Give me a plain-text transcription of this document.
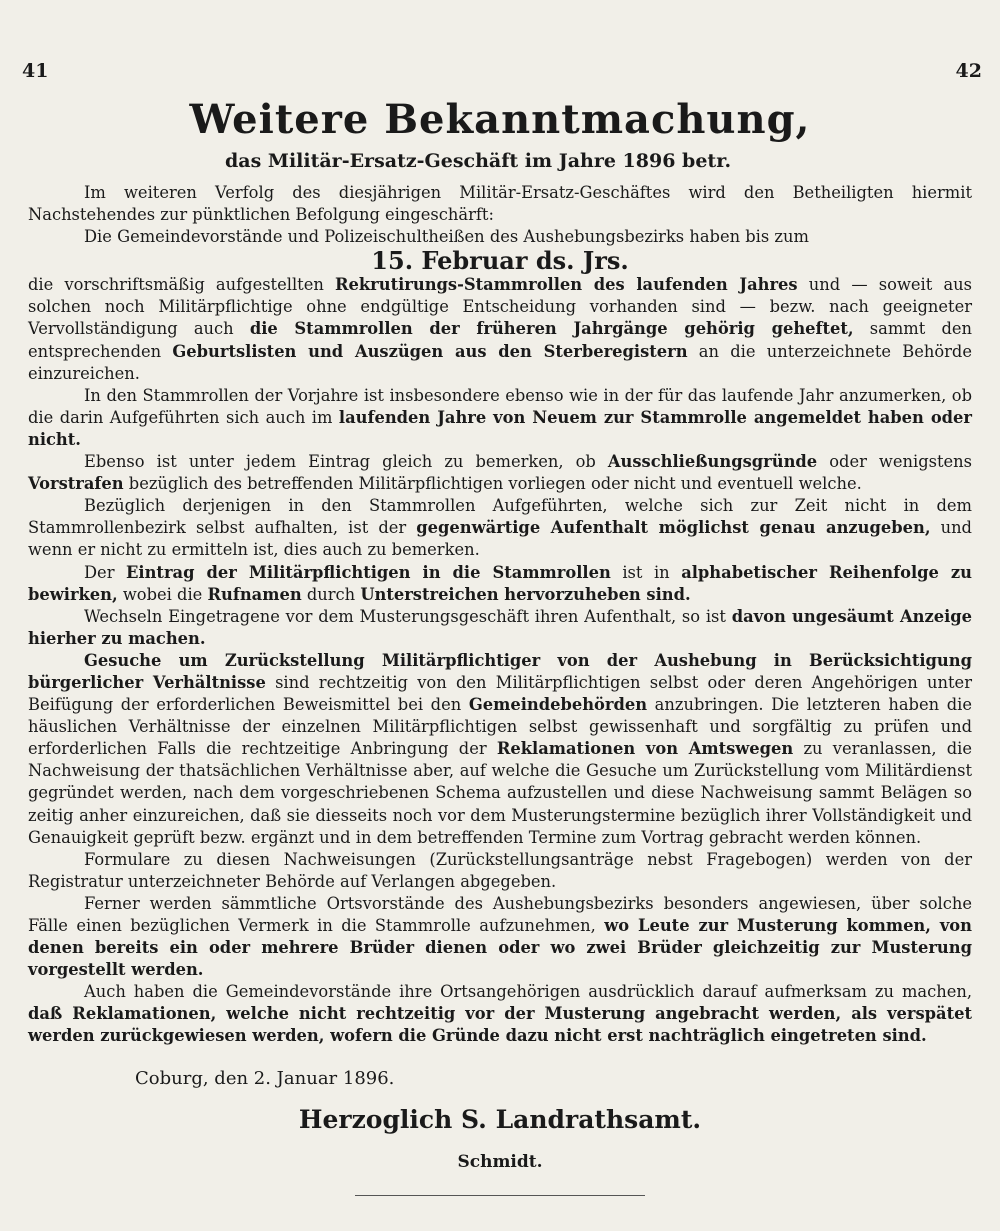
41	42
Weitere Bekanntmachung,
das Militär-Ersatz-Geschäft im Jahre 1896 betr.

Im weiteren Verfolg des diesjährigen Militär-Ersatz-Geschäftes wird den Betheiligten hiermit Nachstehendes zur pünktlichen Befolgung eingeschärft:

Die Gemeindevorstände und Polizeischultheißen des Aushebungsbezirks haben bis zum

15. Februar ds. Jrs.

die vorschriftsmäßig aufgestellten Rekrutirungs-Stammrollen des laufenden Jahres und — soweit aus solchen noch Militärpflichtige ohne endgültige Entscheidung vorhanden sind — bezw. nach geeigneter Vervollständigung auch die Stammrollen der früheren Jahrgänge gehörig geheftet, sammt den entsprechenden Geburtslisten und Auszügen aus den Sterberegistern an die unterzeichnete Behörde einzureichen.

In den Stammrollen der Vorjahre ist insbesondere ebenso wie in der für das laufende Jahr anzumerken, ob die darin Aufgeführten sich auch im laufenden Jahre von Neuem zur Stammrolle angemeldet haben oder nicht.

Ebenso ist unter jedem Eintrag gleich zu bemerken, ob Ausschließungsgründe oder wenigstens Vorstrafen bezüglich des betreffenden Militärpflichtigen vorliegen oder nicht und eventuell welche.

Bezüglich derjenigen in den Stammrollen Aufgeführten, welche sich zur Zeit nicht in dem Stammrollenbezirk selbst aufhalten, ist der gegenwärtige Aufenthalt möglichst genau anzugeben, und wenn er nicht zu ermitteln ist, dies auch zu bemerken.

Der Eintrag der Militärpflichtigen in die Stammrollen ist in alphabetischer Reihenfolge zu bewirken, wobei die Rufnamen durch Unterstreichen hervorzuheben sind.

Wechseln Eingetragene vor dem Musterungsgeschäft ihren Aufenthalt, so ist davon ungesäumt Anzeige hierher zu machen.

Gesuche um Zurückstellung Militärpflichtiger von der Aushebung in Berücksichtigung bürgerlicher Verhältnisse sind rechtzeitig von den Militärpflichtigen selbst oder deren Angehörigen unter Beifügung der erforderlichen Beweismittel bei den Gemeindebehörden anzubringen. Die letzteren haben die häuslichen Verhältnisse der einzelnen Militärpflichtigen selbst gewissenhaft und sorgfältig zu prüfen und erforderlichen Falls die rechtzeitige Anbringung der Reklamationen von Amtswegen zu veranlassen, die Nachweisung der thatsächlichen Verhältnisse aber, auf welche die Gesuche um Zurückstellung vom Militärdienst gegründet werden, nach dem vorgeschriebenen Schema aufzustellen und diese Nachweisung sammt Belägen so zeitig anher einzureichen, daß sie diesseits noch vor dem Musterungstermine bezüglich ihrer Vollständigkeit und Genauigkeit geprüft bezw. ergänzt und in dem betreffenden Termine zum Vortrag gebracht werden können.

Formulare zu diesen Nachweisungen (Zurückstellungsanträge nebst Fragebogen) werden von der Registratur unterzeichneter Behörde auf Verlangen abgegeben.

Ferner werden sämmtliche Ortsvorstände des Aushebungsbezirks besonders angewiesen, über solche Fälle einen bezüglichen Vermerk in die Stammrolle aufzunehmen, wo Leute zur Musterung kommen, von denen bereits ein oder mehrere Brüder dienen oder wo zwei Brüder gleichzeitig zur Musterung vorgestellt werden.

Auch haben die Gemeindevorstände ihre Ortsangehörigen ausdrücklich darauf aufmerksam zu machen, daß Reklamationen, welche nicht rechtzeitig vor der Musterung angebracht werden, als verspätet werden zurückgewiesen werden, wofern die Gründe dazu nicht erst nachträglich eingetreten sind.

Coburg, den 2. Januar 1896.
Herzoglich S. Landrathsamt.
Schmidt.
